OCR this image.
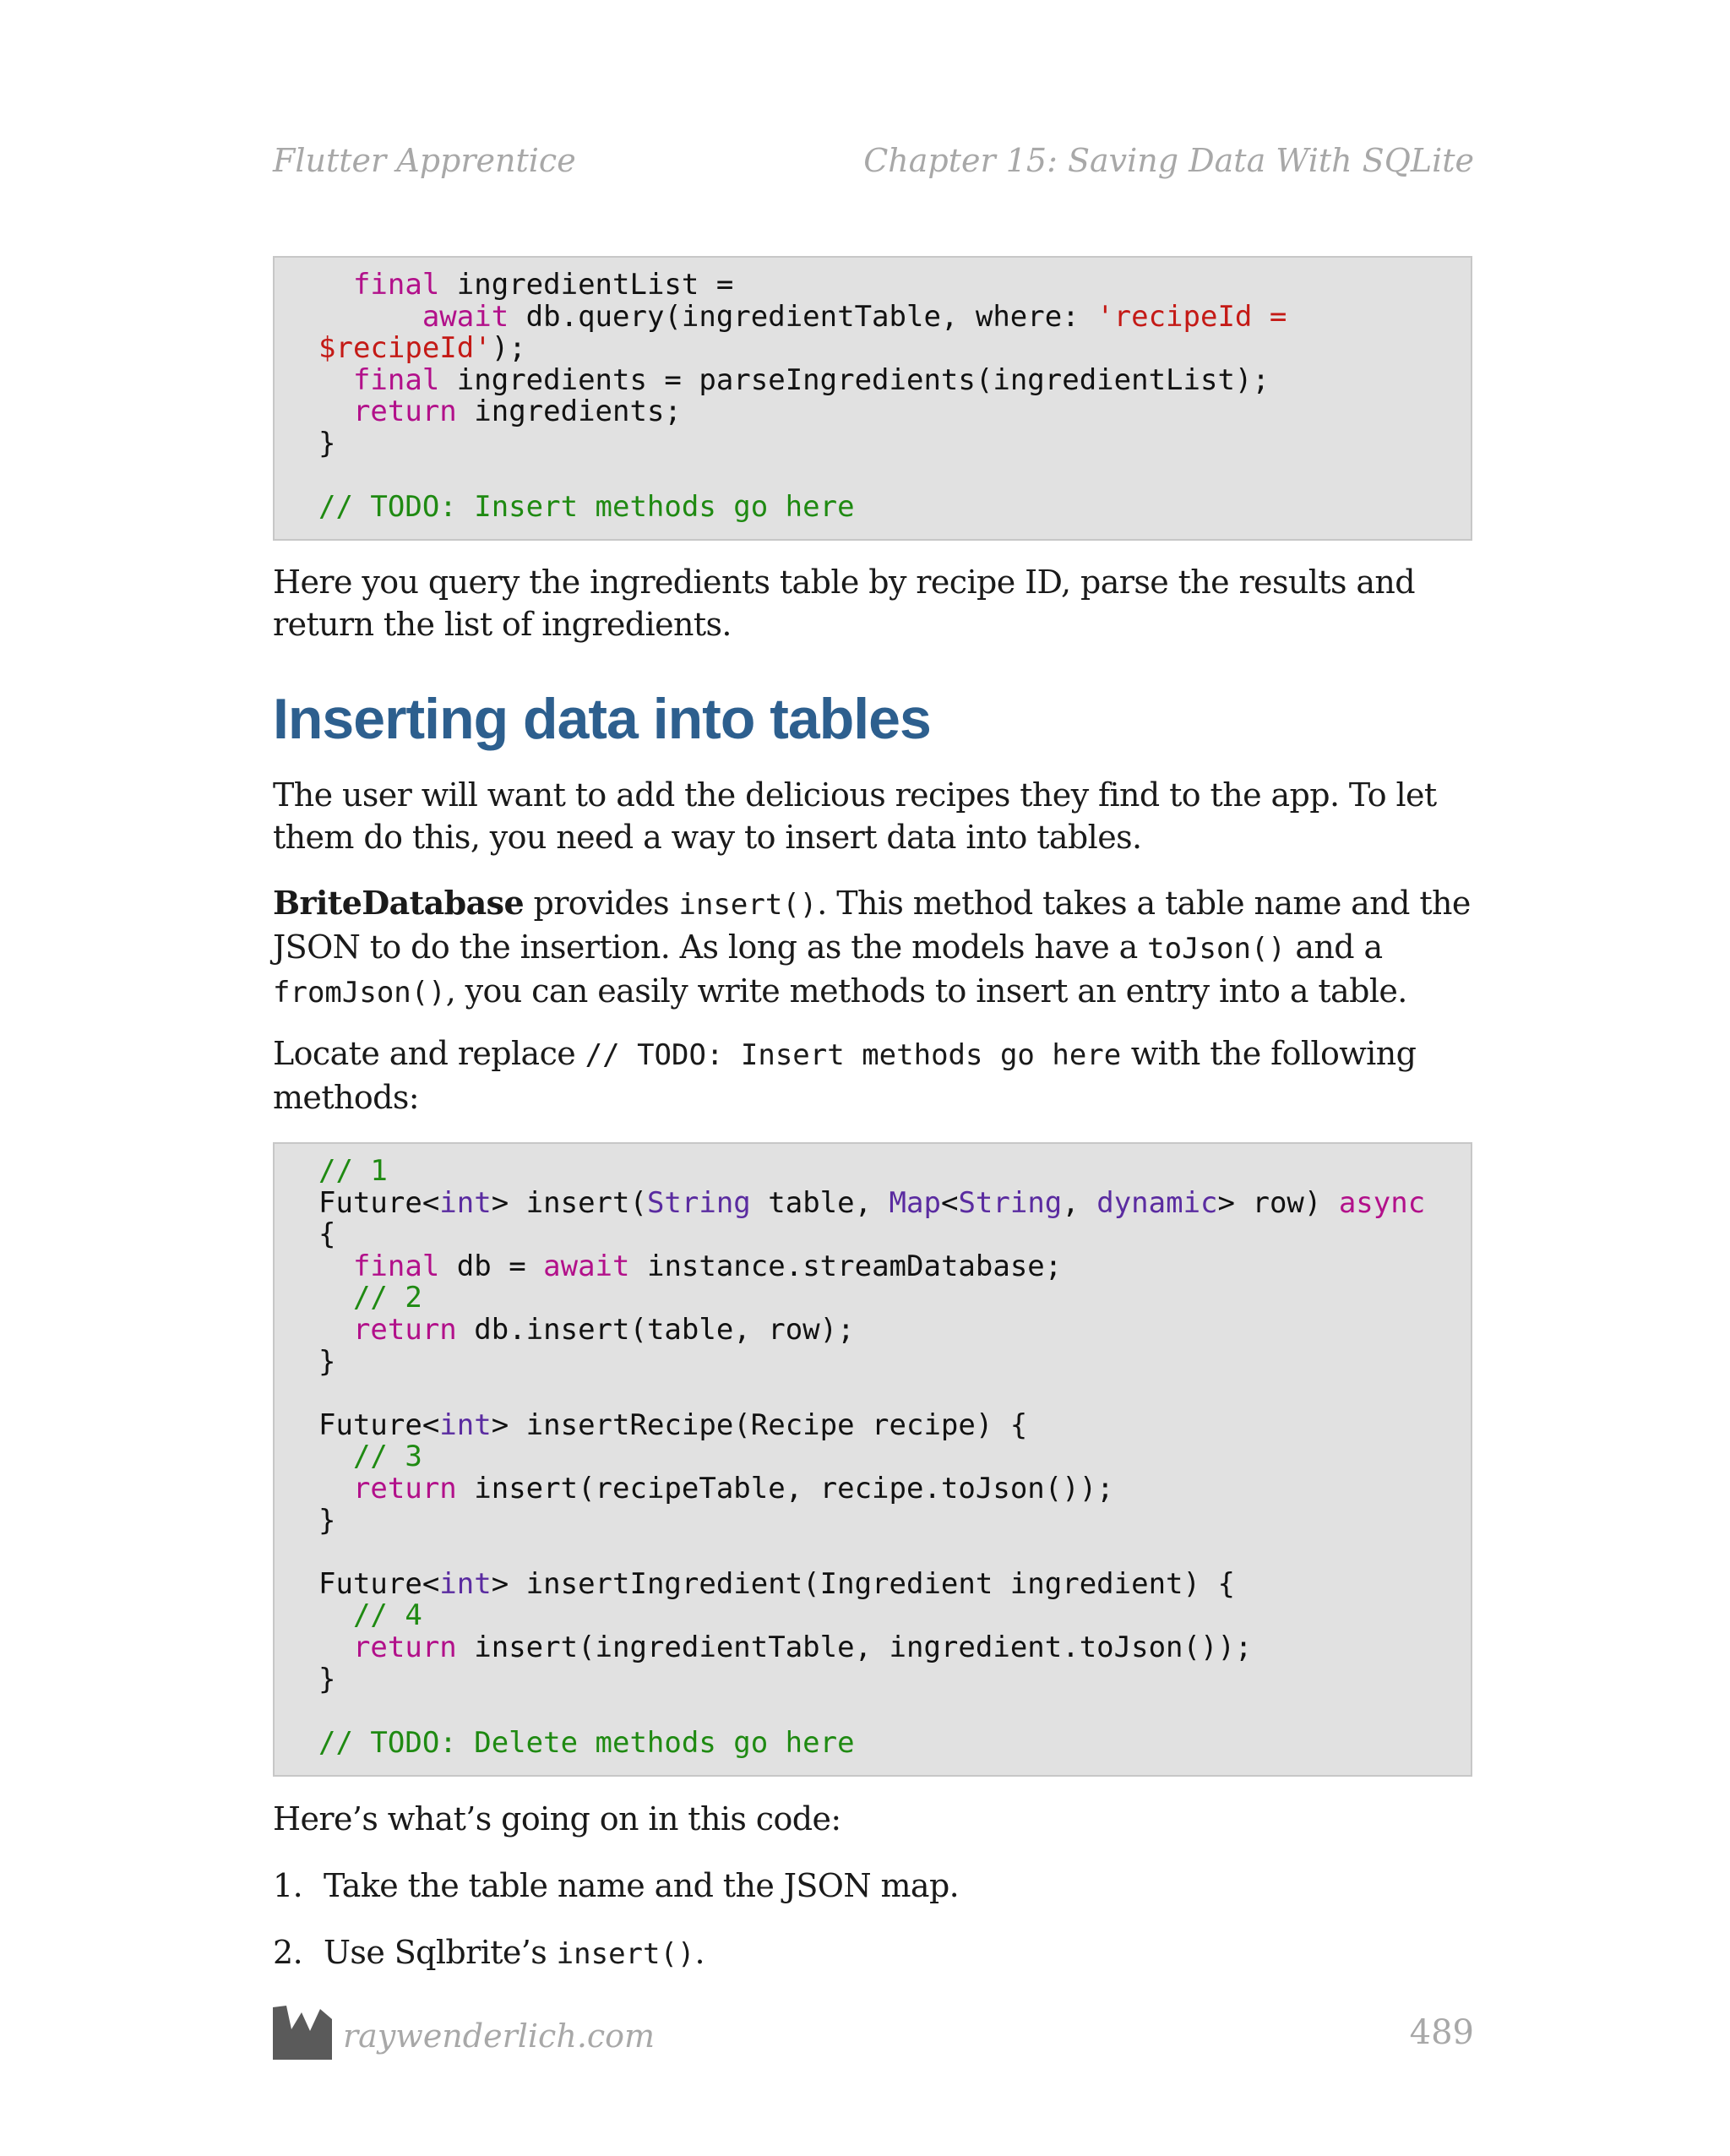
Flutter Apprentice	Chapter 15: Saving Data With SQLite
final ingredientList =
await db.query(ingredientTable, where: 'recipeId =
$recipeId');
final ingredients = parseIngredients(ingredientList);
return ingredients;
}

// TODO: Insert methods go here

Here you query the ingredients table by recipe ID, parse the results and return the list of ingredients.

Inserting data into tables

The user will want to add the delicious recipes they find to the app. To let them do this, you need a way to insert data into tables.

BriteDatabase provides insert(). This method takes a table name and the JSON to do the insertion. As long as the models have a toJson() and a fromJson(), you can easily write methods to insert an entry into a table.

Locate and replace // TODO: Insert methods go here with the following methods:

// 1
Future<int> insert(String table, Map<String, dynamic> row) async
{
final db = await instance.streamDatabase;
// 2
return db.insert(table, row);
}

Future<int> insertRecipe(Recipe recipe) {
// 3
return insert(recipeTable, recipe.toJson());
}

Future<int> insertIngredient(Ingredient ingredient) {
// 4
return insert(ingredientTable, ingredient.toJson());
}

// TODO: Delete methods go here

Here’s what’s going on in this code:

1. Take the table name and the JSON map.
2. Use Sqlbrite’s insert().
raywenderlich.com	489
